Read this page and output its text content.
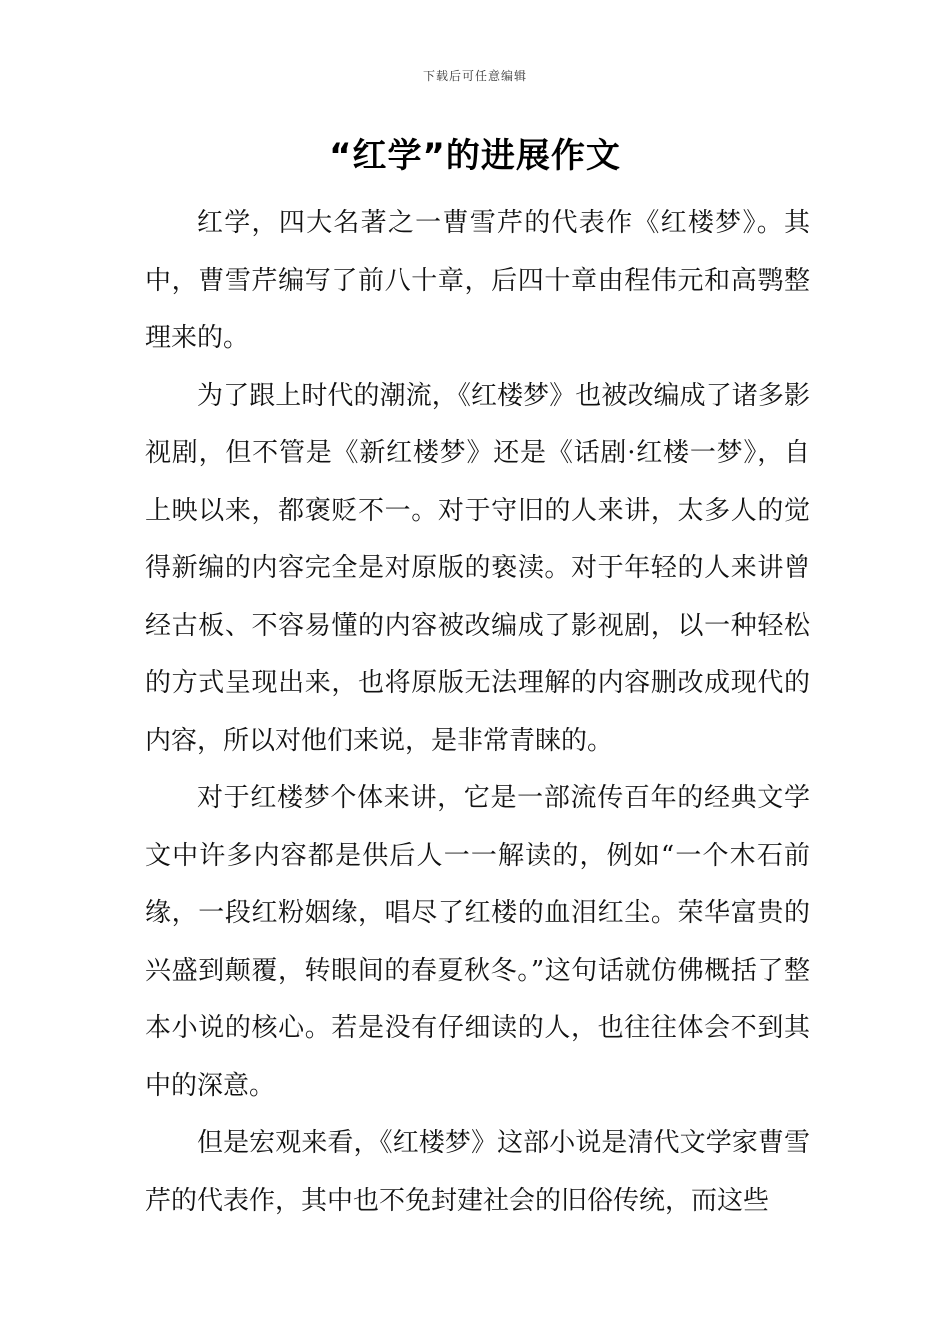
下载后可任意编辑
“红学”的进展作文

红学，四大名著之一曹雪芹的代表作《红楼梦》。其中，曹雪芹编写了前八十章，后四十章由程伟元和高鹗整理来的。

为了跟上时代的潮流，《红楼梦》也被改编成了诸多影视剧，但不管是《新红楼梦》还是《话剧·红楼一梦》，自上映以来，都褒贬不一。对于守旧的人来讲，太多人的觉得新编的内容完全是对原版的亵渎。对于年轻的人来讲曾经古板、不容易懂的内容被改编成了影视剧，以一种轻松的方式呈现出来，也将原版无法理解的内容删改成现代的内容，所以对他们来说，是非常青睐的。

对于红楼梦个体来讲，它是一部流传百年的经典文学文中许多内容都是供后人一一解读的，例如“一个木石前缘，一段红粉姻缘，唱尽了红楼的血泪红尘。荣华富贵的兴盛到颠覆，转眼间的春夏秋冬。”这句话就仿佛概括了整本小说的核心。若是没有仔细读的人，也往往体会不到其中的深意。

但是宏观来看，《红楼梦》这部小说是清代文学家曹雪芹的代表作，其中也不免封建社会的旧俗传统，而这些
